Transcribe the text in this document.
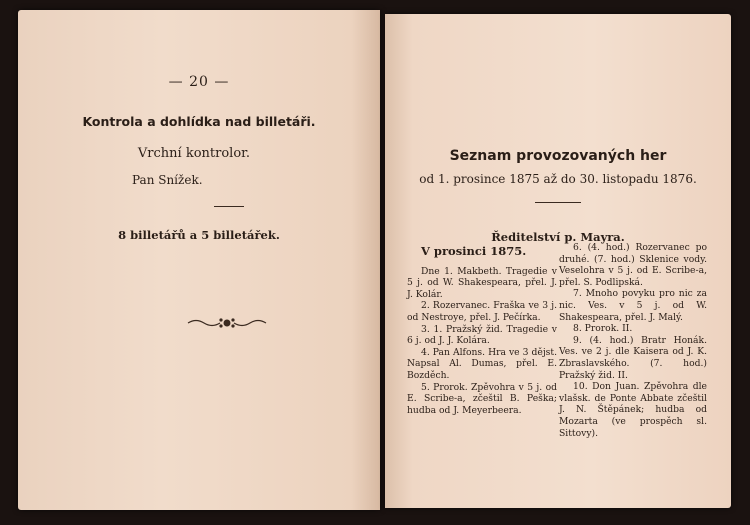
— 20 —
Kontrola a dohlídka nad billetáři.
Vrchní kontrolor.
Pan Snížek.
8 billetářů a 5 billetářek.
Seznam provozovaných her
od 1. prosince 1875 až do 30. listopadu 1876.
Ředitelství p. Mayra.
V prosinci 1875.

Dne 1. Makbeth. Tragedie v 5 j. od W. Shakespeara, přel. J. J. Kolár.

2. Rozervanec. Fraška ve 3 j. od Nestroye, přel. J. Pečírka.

3. 1. Pražský žid. Tragedie v 6 j. od J. J. Kolára.

4. Pan Alfons. Hra ve 3 dějst. Napsal Al. Dumas, přel. E. Bozděch.

5. Prorok. Zpěvohra v 5 j. od E. Scribe-a, zčeštil B. Peška; hudba od J. Meyerbeera.

6. (4. hod.) Rozervanec po druhé. (7. hod.) Sklenice vody. Veselohra v 5 j. od E. Scribe-a, přel. S. Podlipská.

7. Mnoho povyku pro nic za nic. Ves. v 5 j. od W. Shakespeara, přel. J. Malý.

8. Prorok. II.

9. (4. hod.) Bratr Honák. Ves. ve 2 j. dle Kaisera od J. K. Zbraslavského. (7. hod.) Pražský žid. II.

10. Don Juan. Zpěvohra dle vlašsk. de Ponte Abbate zčeštil J. N. Štěpánek; hudba od Mozarta (ve prospěch sl. Sittovy).
